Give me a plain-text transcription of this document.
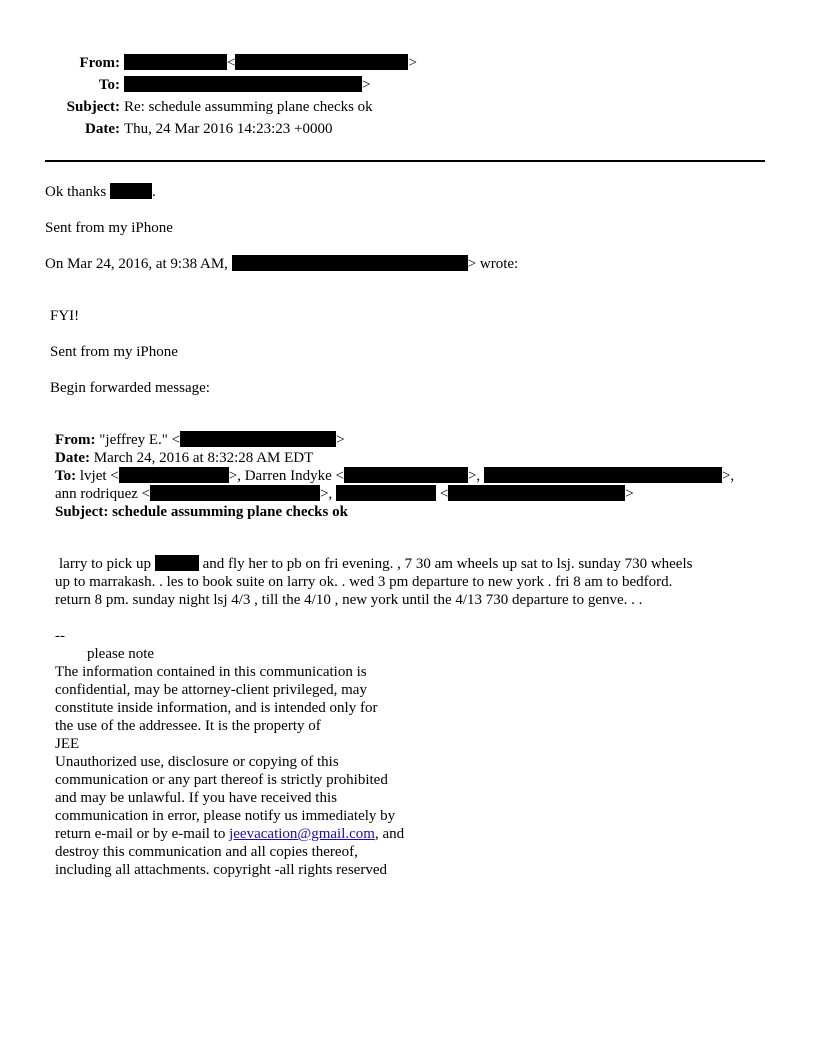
From:	<	>
To:	>
Subject: Re: schedule assumming plane checks ok
Date: Thu, 24 Mar 2016 14:23:23 +0000
Ok thanks	.
Sent from my iPhone
On Mar 24, 2016, at 9:38 AM,	> wrote:
FYI!
Sent from my iPhone
Begin forwarded message:
From: "jeffrey E." <	>
Date: March 24, 2016 at 8:32:28 AM EDT
To: lvjet <	>, Darren Indyke <	>,	>,
ann rodriquez <	>,	<	>
Subject: schedule assumming plane checks ok
larry to pick up	and fly her to pb on fri evening. , 7 30 am wheels up sat to lsj. sunday 730 wheels
up to marrakash. . les to book suite on larry ok. . wed 3 pm departure to new york . fri 8 am to bedford.
return 8 pm. sunday night lsj 4/3 , till the 4/10 , new york until the 4/13 730 departure to genve. . .
--
please note
The information contained in this communication is
confidential, may be attorney-client privileged, may
constitute inside information, and is intended only for
the use of the addressee. It is the property of
JEE
Unauthorized use, disclosure or copying of this
communication or any part thereof is strictly prohibited
and may be unlawful. If you have received this
communication in error, please notify us immediately by
return e-mail or by e-mail to jeevacation@gmail.com, and
destroy this communication and all copies thereof,
including all attachments. copyright -all rights reserved
